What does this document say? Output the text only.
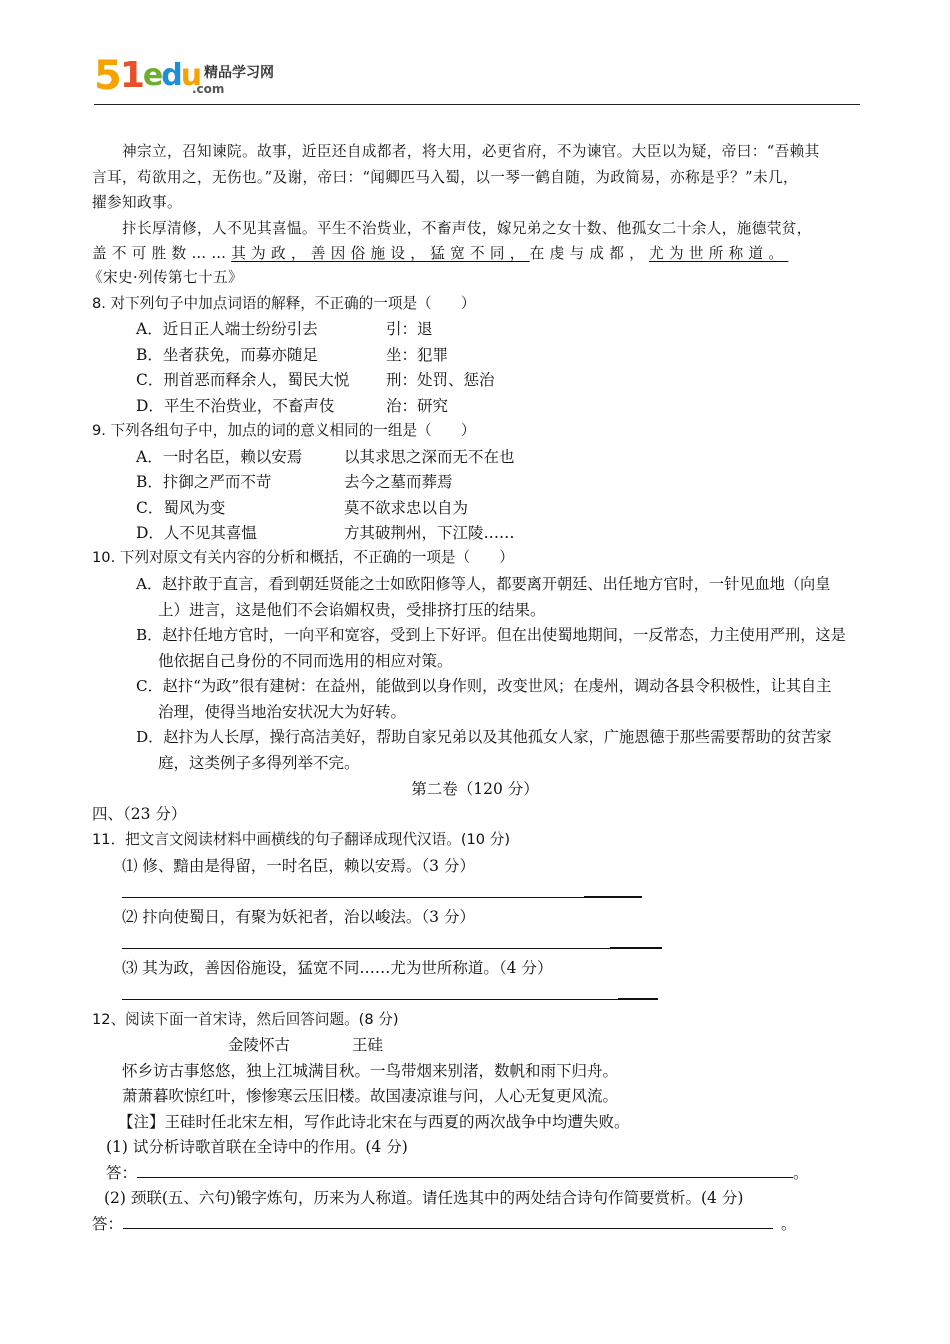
5
1
e
d
u 精品学习网
.com
神宗立，召知谏院。故事，近臣还自成都者，将大用，必更省府，不为谏官。大臣以为疑，帝曰：“吾赖其
言耳，苟欲用之，无伤也。”及谢，帝曰：“闻卿匹马入蜀，以一琴一鹤自随，为政简易，亦称是乎？”未几，
擢参知政事。
抃长厚清修，人不见其喜愠。平生不治赀业，不畜声伎，嫁兄弟之女十数、他孤女二十余人，施德茕贫，
盖不可胜数……其为政，善因俗施设，猛宽不同，在虔与成都，尤为世所称道。
《宋史·列传第七十五》
8. 对下列句子中加点词语的解释，不正确的一项是（　　）
A．近日正人端士纷纷引去	引：退
B．坐者获免，而募亦随足	坐：犯罪
C．刑首恶而释余人，蜀民大悦 刑：处罚、惩治
D．平生不治赀业，不畜声伎	治：研究
9. 下列各组句子中，加点的词的意义相同的一组是（　　）
A．一时名臣，赖以安焉	以其求思之深而无不在也
B．抃御之严而不苛	去今之墓而葬焉
C．蜀风为变	莫不欲求忠以自为
D．人不见其喜愠	方其破荆州，下江陵……
10. 下列对原文有关内容的分析和概括，不正确的一项是（　　）
A．赵抃敢于直言，看到朝廷贤能之士如欧阳修等人，都要离开朝廷、出任地方官时，一针见血地（向皇
上）进言，这是他们不会谄媚权贵，受排挤打压的结果。
B．赵抃任地方官时，一向平和宽容，受到上下好评。但在出使蜀地期间，一反常态，力主使用严刑，这是
他依据自己身份的不同而选用的相应对策。
C．赵抃“为政”很有建树：在益州，能做到以身作则，改变世风；在虔州，调动各县令积极性，让其自主
治理，使得当地治安状况大为好转。
D．赵抃为人长厚，操行高洁美好，帮助自家兄弟以及其他孤女人家，广施恩德于那些需要帮助的贫苦家
庭，这类例子多得列举不完。
第二卷（120 分）
四、（23 分）
11．把文言文阅读材料中画横线的句子翻译成现代汉语。(10 分)
⑴ 修、黯由是得留，一时名臣，赖以安焉。（3 分）
⑵ 抃向使蜀日，有聚为妖祀者，治以峻法。（3 分）
⑶ 其为政，善因俗施设，猛宽不同……尤为世所称道。（4 分）
12、阅读下面一首宋诗，然后回答问题。(8 分)
金陵怀古	王硅
怀乡访古事悠悠，独上江城满目秋。一鸟带烟来别渚，数帆和雨下归舟。
萧萧暮吹惊红叶，惨惨寒云压旧楼。故国凄凉谁与问，人心无复更风流。
【注】王硅时任北宋左相，写作此诗北宋在与西夏的两次战争中均遭失败。
(1) 试分析诗歌首联在全诗中的作用。(4 分)
答：	。
(2) 颈联(五、六句)锻字炼句，历来为人称道。请任选其中的两处结合诗句作简要赏析。(4 分)
答：	。
